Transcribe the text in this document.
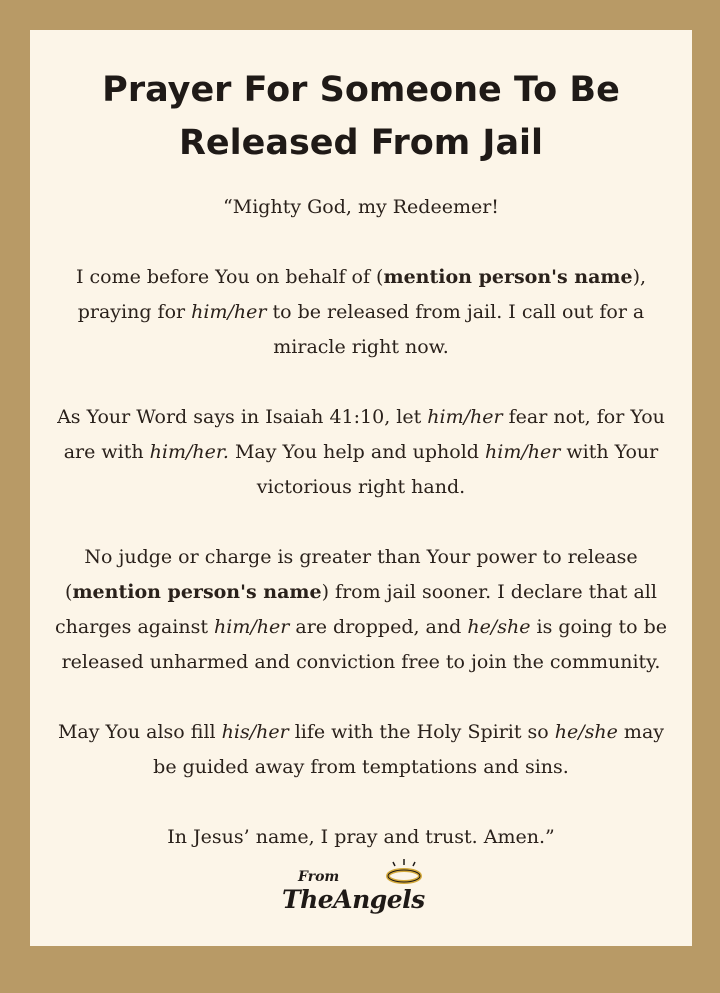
Prayer For Someone To Be
Released From Jail

“Mighty God, my Redeemer!

I come before You on behalf of (mention person's name), praying for him/her to be released from jail. I call out for a miracle right now.

As Your Word says in Isaiah 41:10, let him/her fear not, for You are with him/her. May You help and uphold him/her with Your victorious right hand.

No judge or charge is greater than Your power to release (mention person's name) from jail sooner. I declare that all charges against him/her are dropped, and he/she is going to be released unharmed and conviction free to join the community.

May You also fill his/her life with the Holy Spirit so he/she may be guided away from temptations and sins.

In Jesus’ name, I pray and trust. Amen.”

From
TheAngels
